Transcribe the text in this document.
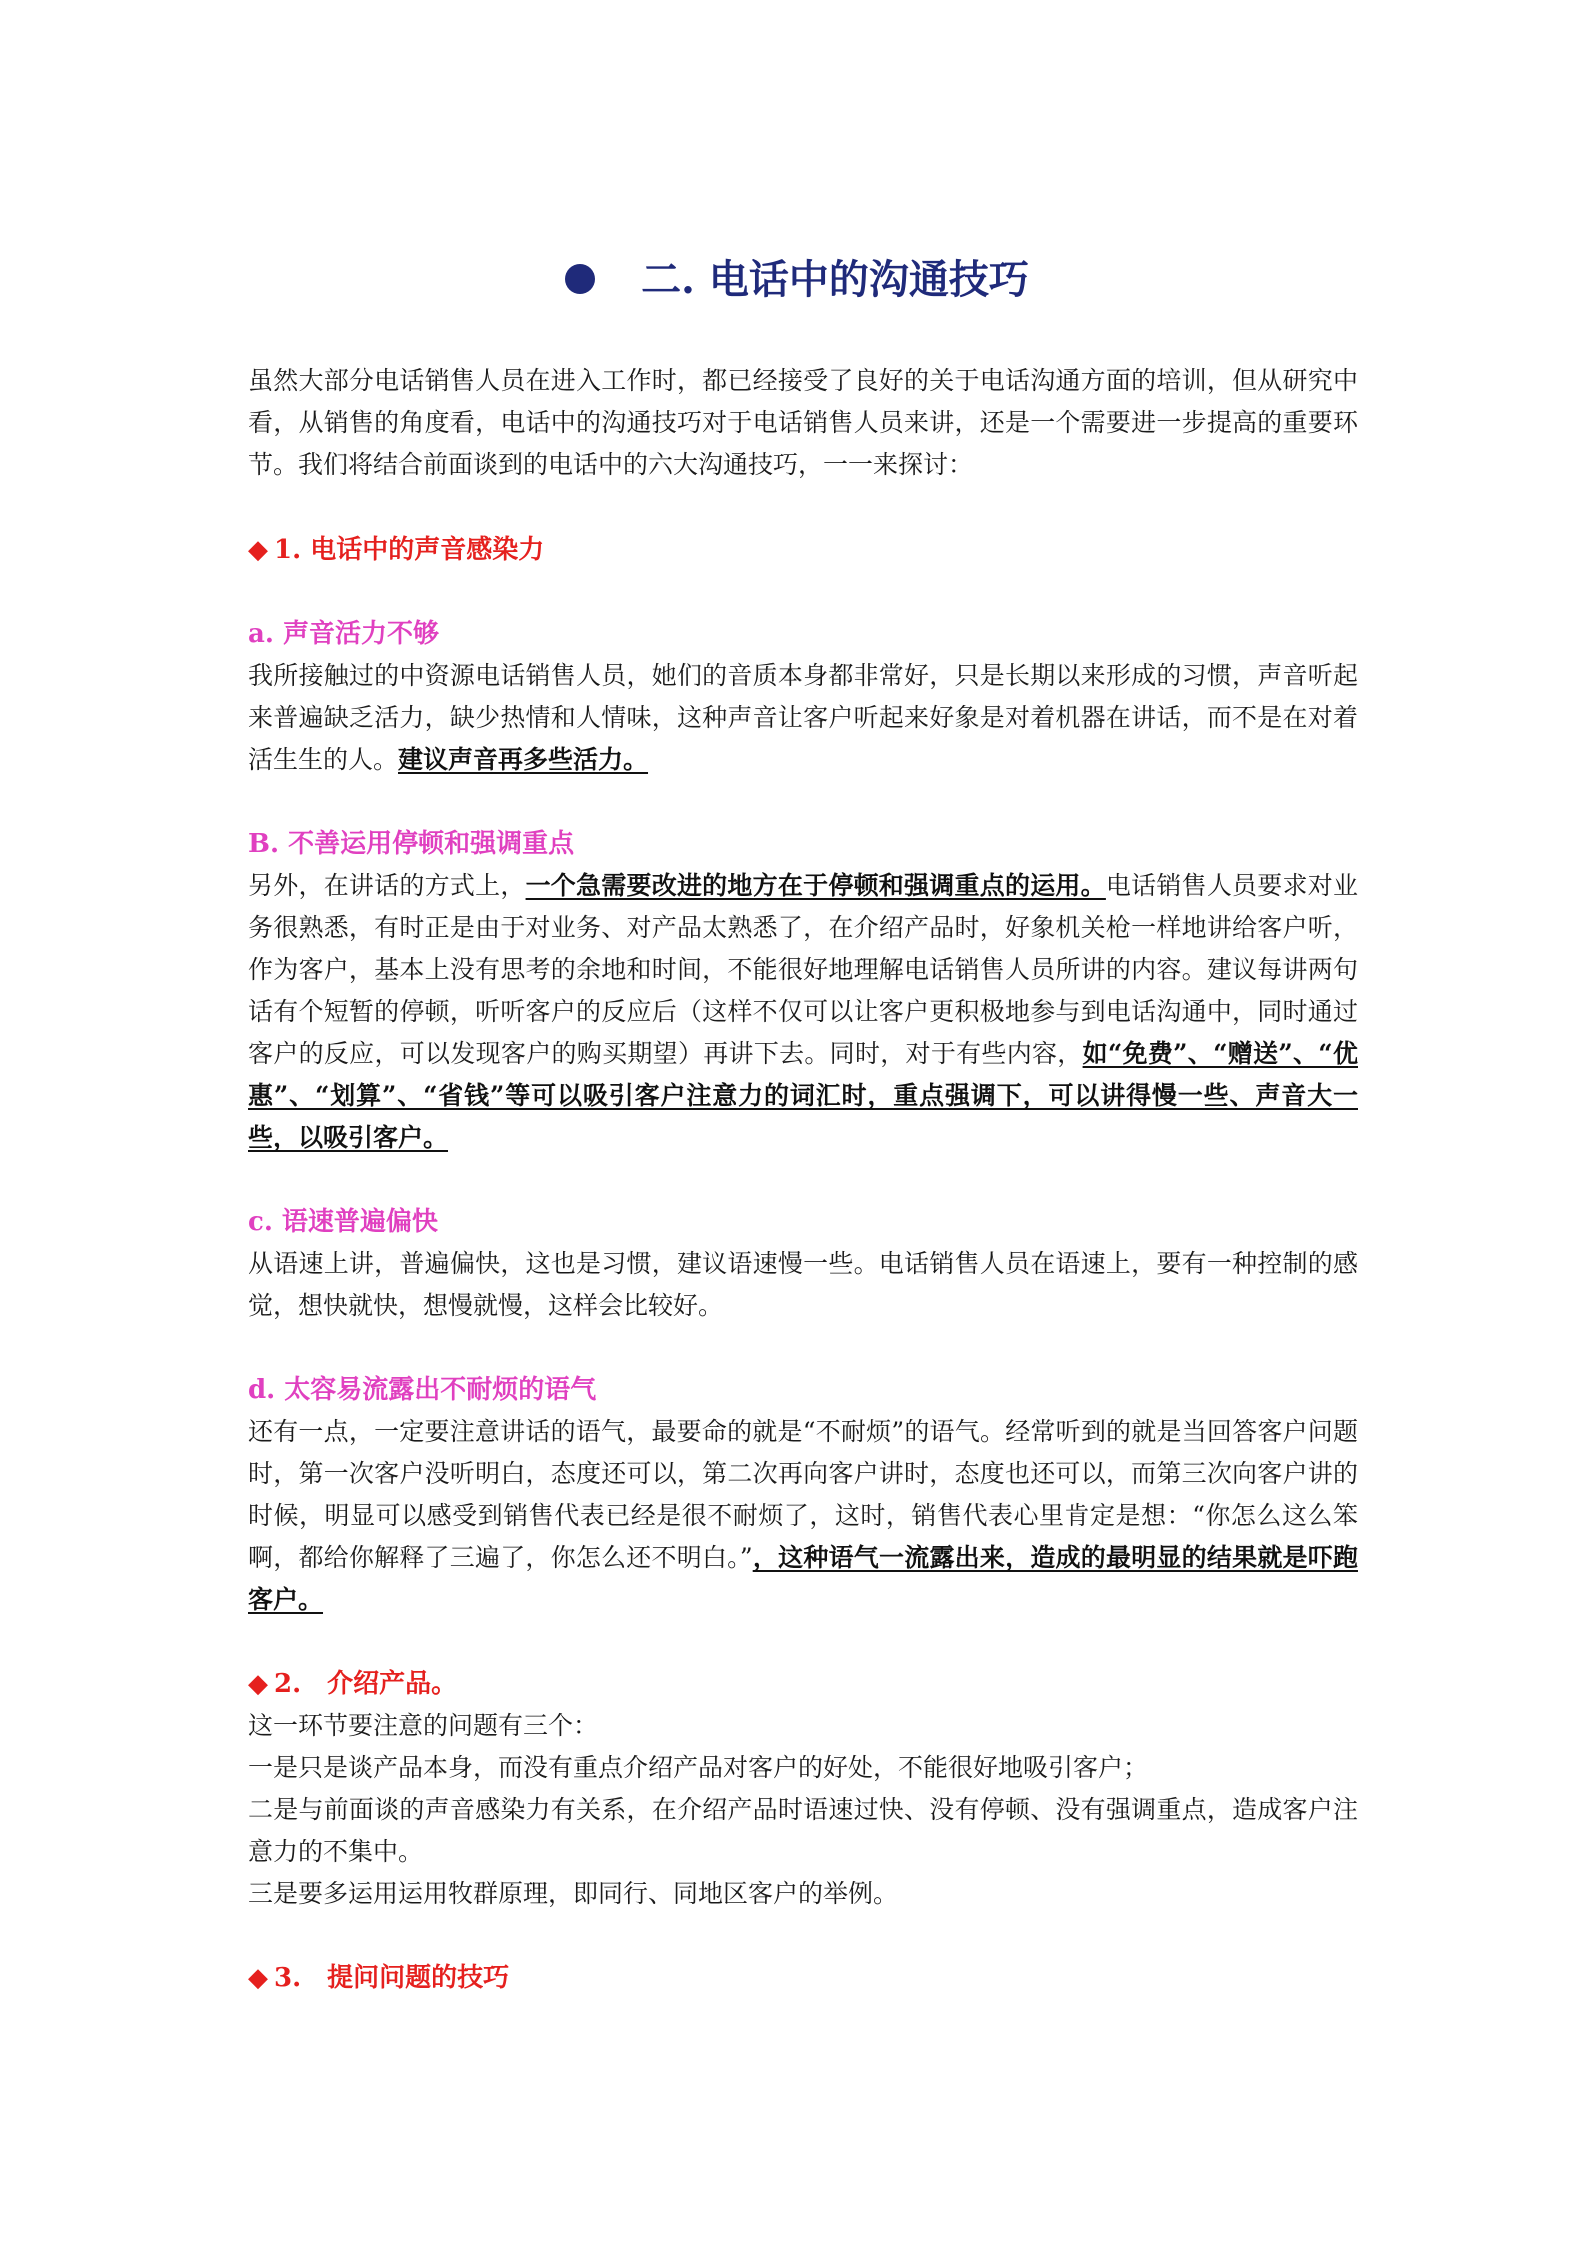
二. 电话中的沟通技巧

虽然大部分电话销售人员在进入工作时，都已经接受了良好的关于电话沟通方面的培训，但从研究中看，从销售的角度看，电话中的沟通技巧对于电话销售人员来讲，还是一个需要进一步提高的重要环节。我们将结合前面谈到的电话中的六大沟通技巧，一一来探讨：

◆ 1. 电话中的声音感染力
a. 声音活力不够

我所接触过的中资源电话销售人员，她们的音质本身都非常好，只是长期以来形成的习惯，声音听起来普遍缺乏活力，缺少热情和人情味，这种声音让客户听起来好象是对着机器在讲话，而不是在对着活生生的人。建议声音再多些活力。

B. 不善运用停顿和强调重点

另外，在讲话的方式上，一个急需要改进的地方在于停顿和强调重点的运用。电话销售人员要求对业务很熟悉，有时正是由于对业务、对产品太熟悉了，在介绍产品时，好象机关枪一样地讲给客户听，作为客户，基本上没有思考的余地和时间，不能很好地理解电话销售人员所讲的内容。建议每讲两句话有个短暂的停顿，听听客户的反应后（这样不仅可以让客户更积极地参与到电话沟通中，同时通过客户的反应，可以发现客户的购买期望）再讲下去。同时，对于有些内容，如“免费”、“赠送”、“优惠”、“划算”、“省钱”等可以吸引客户注意力的词汇时，重点强调下，可以讲得慢一些、声音大一些，以吸引客户。

c. 语速普遍偏快

从语速上讲，普遍偏快，这也是习惯，建议语速慢一些。电话销售人员在语速上，要有一种控制的感觉，想快就快，想慢就慢，这样会比较好。

d. 太容易流露出不耐烦的语气

还有一点，一定要注意讲话的语气，最要命的就是“不耐烦”的语气。经常听到的就是当回答客户问题时，第一次客户没听明白，态度还可以，第二次再向客户讲时，态度也还可以，而第三次向客户讲的时候，明显可以感受到销售代表已经是很不耐烦了，这时，销售代表心里肯定是想：“你怎么这么笨啊，都给你解释了三遍了，你怎么还不明白。”，这种语气一流露出来，造成的最明显的结果就是吓跑客户。

◆ 2.　介绍产品。

这一环节要注意的问题有三个：

一是只是谈产品本身，而没有重点介绍产品对客户的好处，不能很好地吸引客户；

二是与前面谈的声音感染力有关系，在介绍产品时语速过快、没有停顿、没有强调重点，造成客户注意力的不集中。

三是要多运用运用牧群原理，即同行、同地区客户的举例。

◆ 3.　提问问题的技巧
